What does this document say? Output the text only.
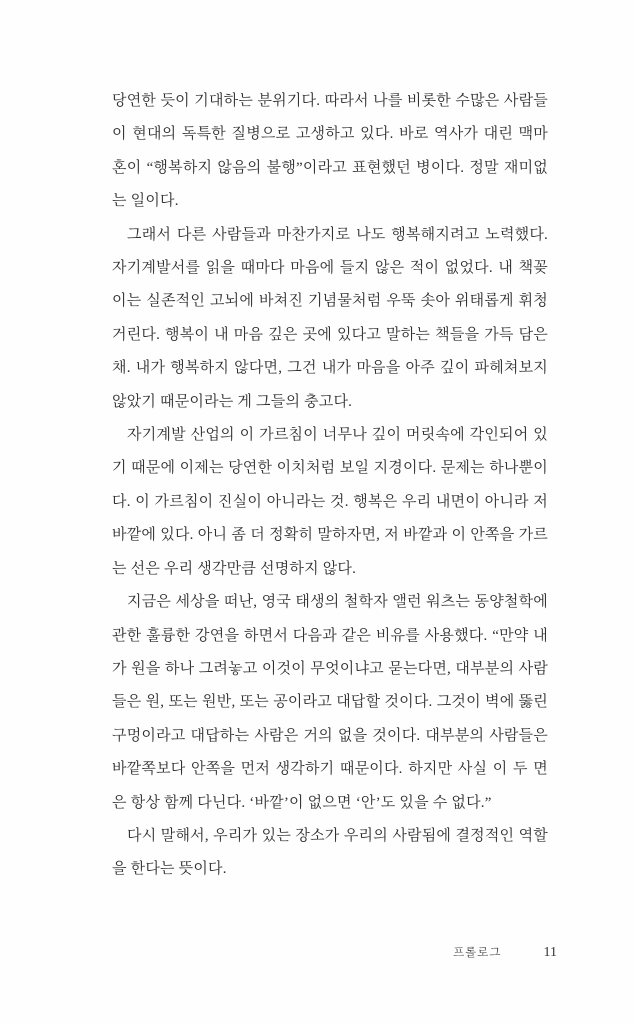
당연한 듯이 기대하는 분위기다. 따라서 나를 비롯한 수많은 사람들
이 현대의 독특한 질병으로 고생하고 있다. 바로 역사가 대린 맥마
혼이 “행복하지 않음의 불행”이라고 표현했던 병이다. 정말 재미없
는 일이다.
그래서 다른 사람들과 마찬가지로 나도 행복해지려고 노력했다.
자기계발서를 읽을 때마다 마음에 들지 않은 적이 없었다. 내 책꽂
이는 실존적인 고뇌에 바쳐진 기념물처럼 우뚝 솟아 위태롭게 휘청
거린다. 행복이 내 마음 깊은 곳에 있다고 말하는 책들을 가득 담은
채. 내가 행복하지 않다면, 그건 내가 마음을 아주 깊이 파헤쳐보지
않았기 때문이라는 게 그들의 충고다.
자기계발 산업의 이 가르침이 너무나 깊이 머릿속에 각인되어 있
기 때문에 이제는 당연한 이치처럼 보일 지경이다. 문제는 하나뿐이
다. 이 가르침이 진실이 아니라는 것. 행복은 우리 내면이 아니라 저
바깥에 있다. 아니 좀 더 정확히 말하자면, 저 바깥과 이 안쪽을 가르
는 선은 우리 생각만큼 선명하지 않다.
지금은 세상을 떠난, 영국 태생의 철학자 앨런 워츠는 동양철학에
관한 훌륭한 강연을 하면서 다음과 같은 비유를 사용했다. “만약 내
가 원을 하나 그려놓고 이것이 무엇이냐고 묻는다면, 대부분의 사람
들은 원, 또는 원반, 또는 공이라고 대답할 것이다. 그것이 벽에 뚫린
구멍이라고 대답하는 사람은 거의 없을 것이다. 대부분의 사람들은
바깥쪽보다 안쪽을 먼저 생각하기 때문이다. 하지만 사실 이 두 면
은 항상 함께 다닌다. ‘바깥’이 없으면 ‘안’도 있을 수 없다.”
다시 말해서, 우리가 있는 장소가 우리의 사람됨에 결정적인 역할
을 한다는 뜻이다.
프롤로그	11
